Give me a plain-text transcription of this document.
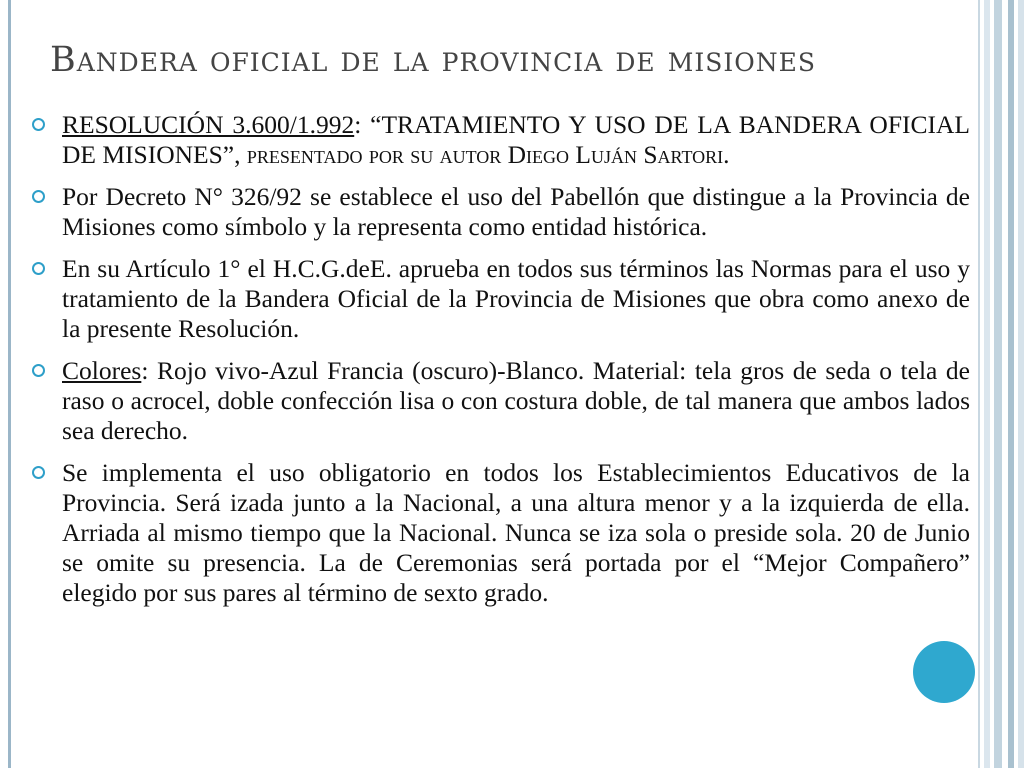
Bandera oficial de la provincia de misiones
RESOLUCIÓN 3.600/1.992: “TRATAMIENTO Y USO DE LA BANDERA OFICIAL DE MISIONES”, presentado por su autor Diego Luján Sartori.
Por Decreto N° 326/92 se establece el uso del Pabellón que distingue a la Provincia de Misiones como símbolo y la representa como entidad histórica.
En su Artículo 1° el H.C.G.deE. aprueba en todos sus términos las Normas para el uso y tratamiento de la Bandera Oficial de la Provincia de Misiones que obra como anexo de la presente Resolución.
Colores: Rojo vivo-Azul Francia (oscuro)-Blanco. Material: tela gros de seda o tela de raso o acrocel, doble confección lisa o con costura doble, de tal manera que ambos lados sea derecho.
Se implementa el uso obligatorio en todos los Establecimientos Educativos de la Provincia. Será izada junto a la Nacional, a una altura menor y a la izquierda de ella. Arriada al mismo tiempo que la Nacional. Nunca se iza sola o preside sola. 20 de Junio se omite su presencia. La de Ceremonias será portada por el “Mejor Compañero” elegido por sus pares al término de sexto grado.
